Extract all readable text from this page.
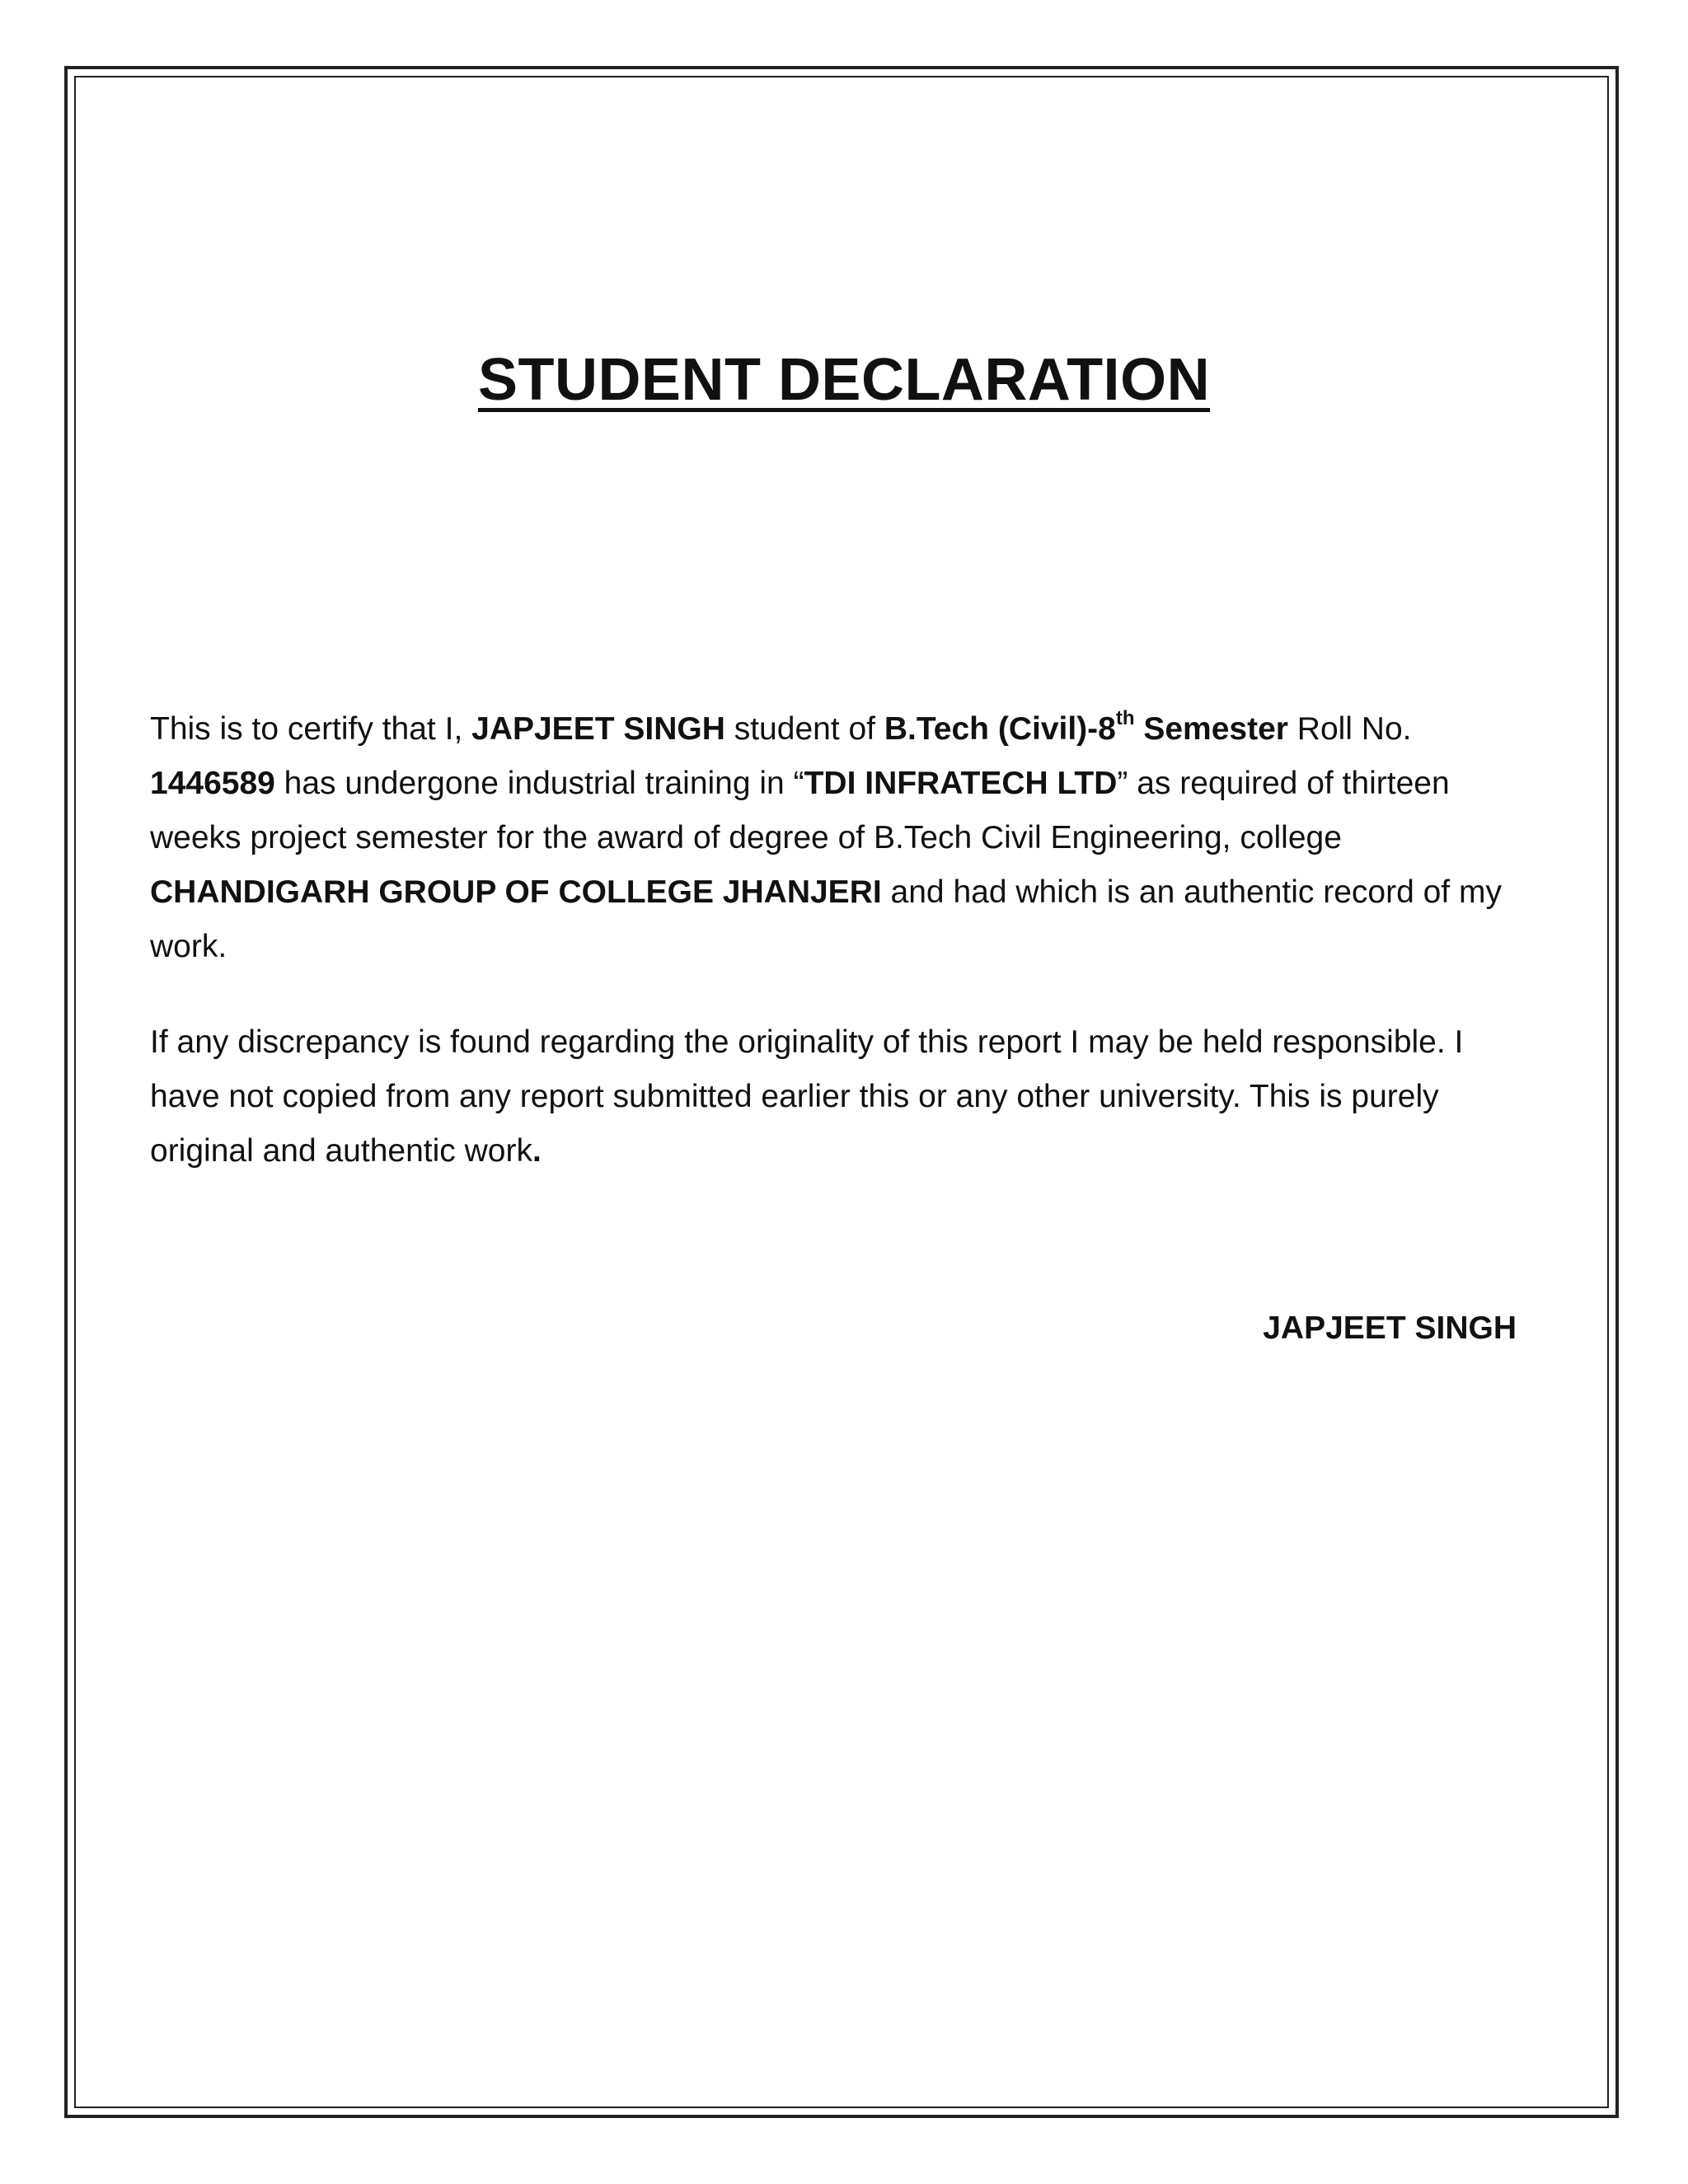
STUDENT DECLARATION

This is to certify that I, JAPJEET SINGH student of B.Tech (Civil)-8th Semester Roll No. 1446589 has undergone industrial training in “TDI INFRATECH LTD” as required of thirteen weeks project semester for the award of degree of B.Tech Civil Engineering, college CHANDIGARH GROUP OF COLLEGE JHANJERI and had which is an authentic record of my work.

If any discrepancy is found regarding the originality of this report I may be held responsible. I have not copied from any report submitted earlier this or any other university. This is purely original and authentic work.

JAPJEET SINGH
